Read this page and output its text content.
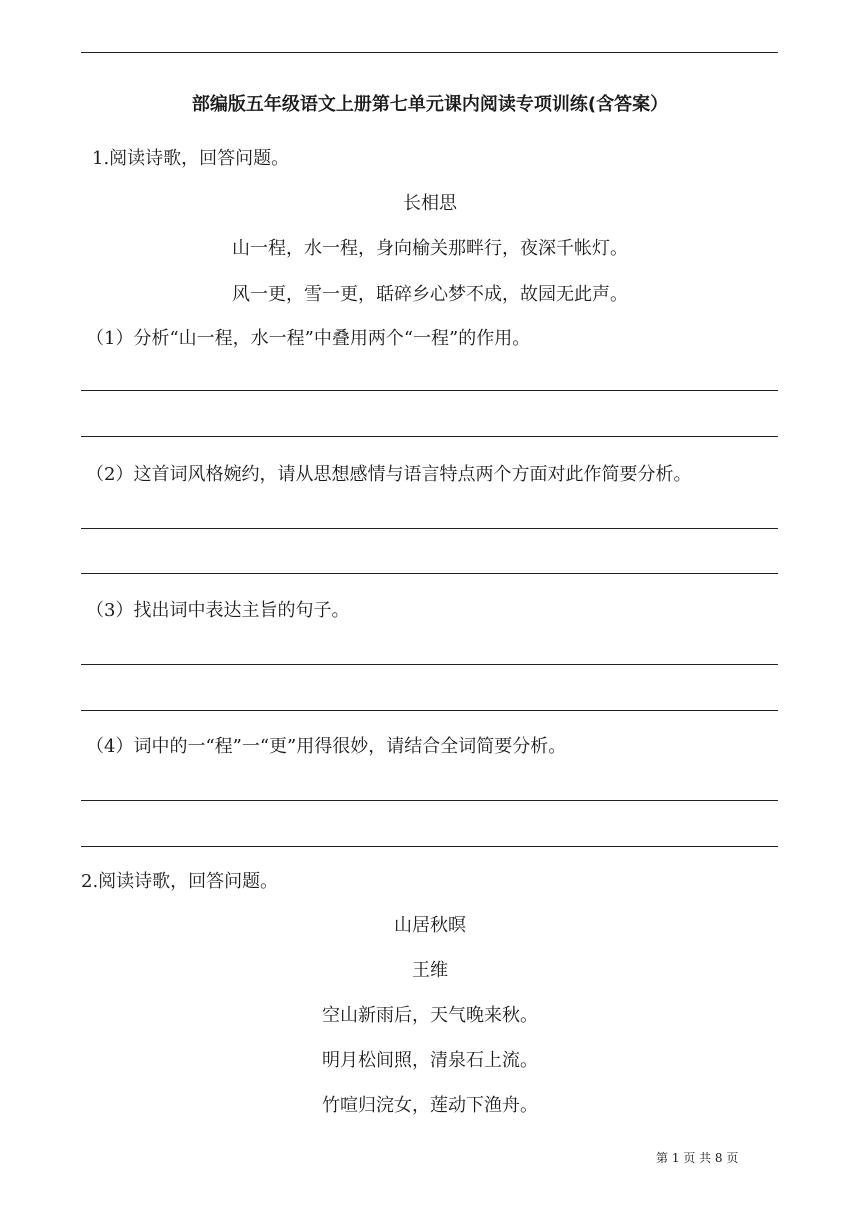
部编版五年级语文上册第七单元课内阅读专项训练(含答案）
1.阅读诗歌，回答问题。
长相思
山一程，水一程，身向榆关那畔行，夜深千帐灯。
风一更，雪一更，聒碎乡心梦不成，故园无此声。
（1）分析“山一程，水一程”中叠用两个“一程”的作用。
（2）这首词风格婉约，请从思想感情与语言特点两个方面对此作简要分析。
（3）找出词中表达主旨的句子。
（4）词中的一“程”一“更”用得很妙，请结合全词简要分析。
2.阅读诗歌，回答问题。
山居秋暝
王维
空山新雨后，天气晚来秋。
明月松间照，清泉石上流。
竹喧归浣女，莲动下渔舟。
第 1 页 共 8 页
